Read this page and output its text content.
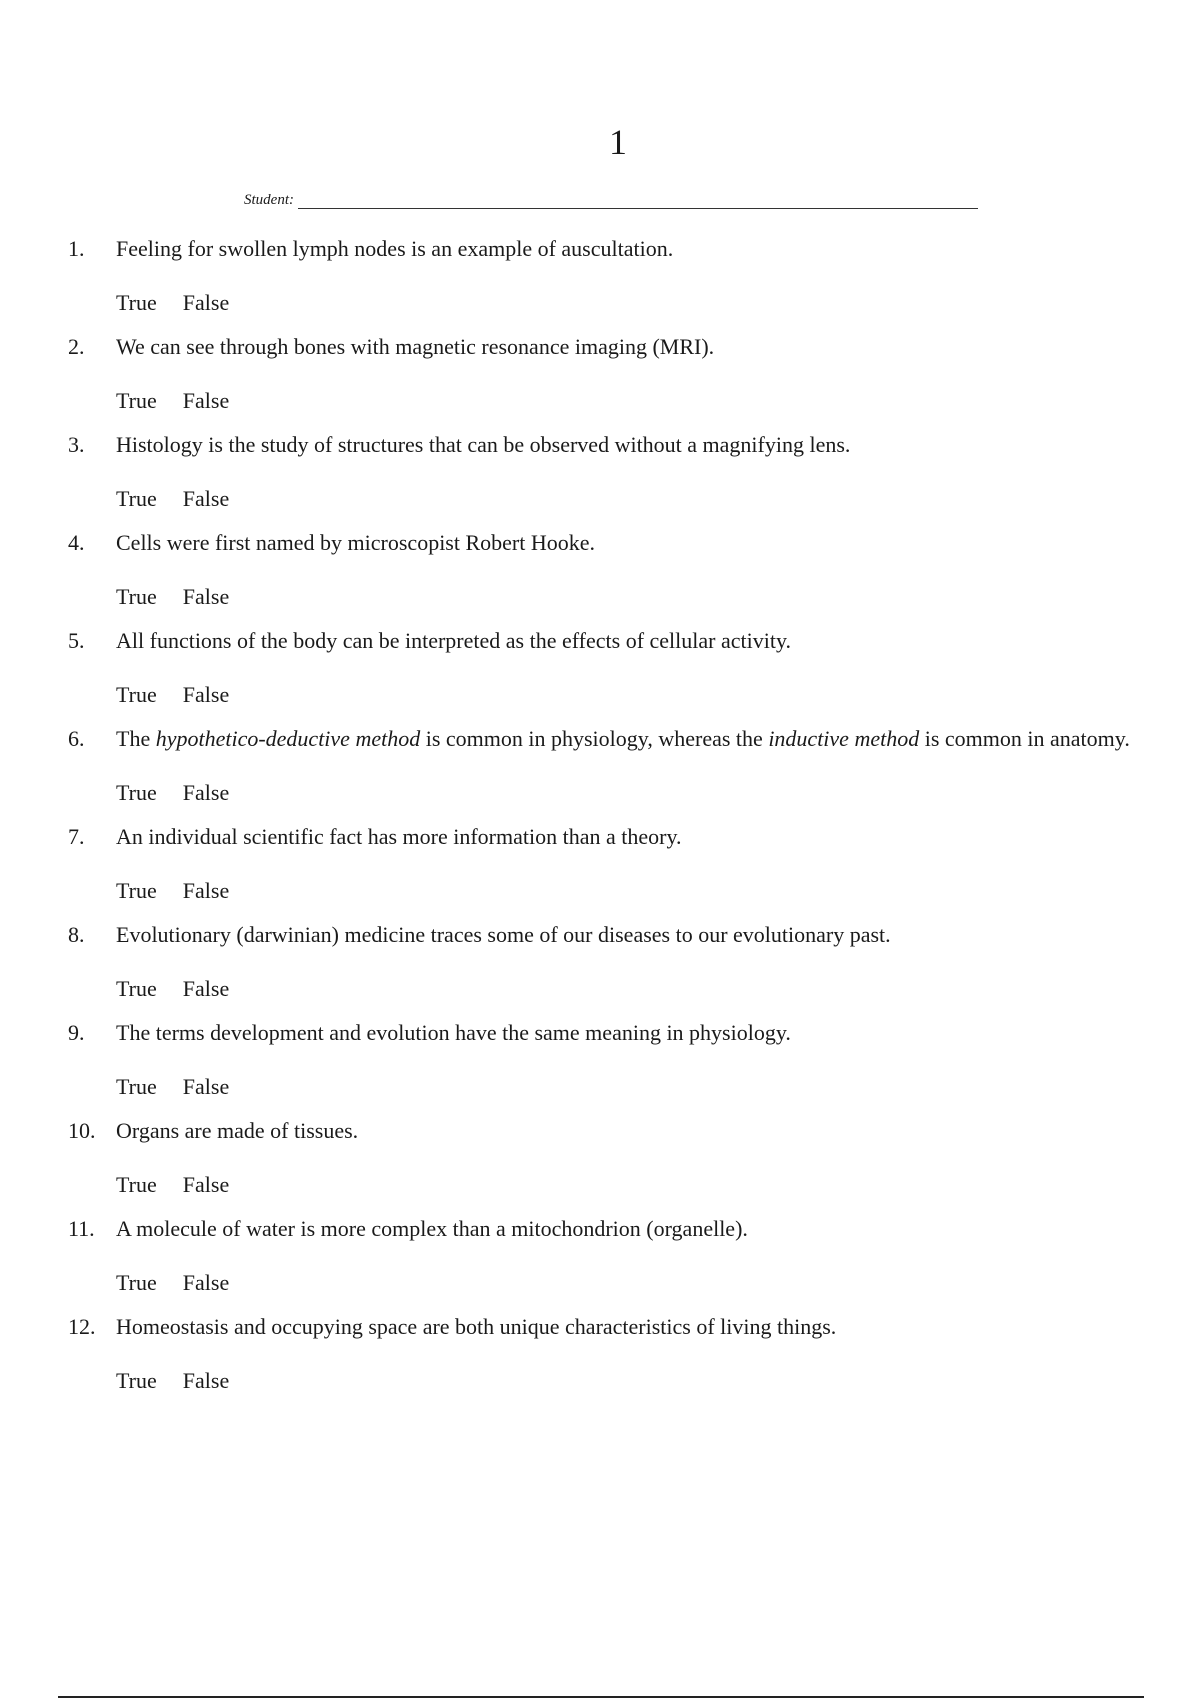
1
Student:
1.	Feeling for swollen lymph nodes is an example of auscultation.
True False
2.	We can see through bones with magnetic resonance imaging (MRI).
True False
3.	Histology is the study of structures that can be observed without a magnifying lens.
True False
4.	Cells were first named by microscopist Robert Hooke.
True False
5.	All functions of the body can be interpreted as the effects of cellular activity.
True False
6.	The hypothetico-deductive method is common in physiology, whereas the inductive method is common in anatomy.
True False
7.	An individual scientific fact has more information than a theory.
True False
8.	Evolutionary (darwinian) medicine traces some of our diseases to our evolutionary past.
True False
9.	The terms development and evolution have the same meaning in physiology.
True False
10. Organs are made of tissues.
True False
11. A molecule of water is more complex than a mitochondrion (organelle).
True False
12. Homeostasis and occupying space are both unique characteristics of living things.
True False
